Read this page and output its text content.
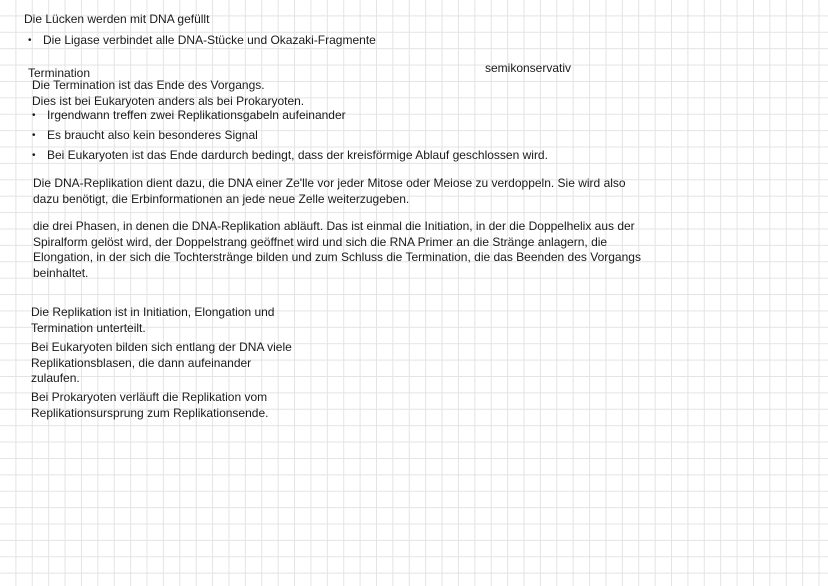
Die Lücken werden mit DNA gefüllt
• Die Ligase verbindet alle DNA-Stücke und Okazaki-Fragmente
semikonservativ
Termination
Die Termination ist das Ende des Vorgangs.
Dies ist bei Eukaryoten anders als bei Prokaryoten.
• Irgendwann treffen zwei Replikationsgabeln aufeinander
• Es braucht also kein besonderes Signal
• Bei Eukaryoten ist das Ende dardurch bedingt, dass der kreisförmige Ablauf geschlossen wird.
Die DNA-Replikation dient dazu, die DNA einer Ze'lle vor jeder Mitose oder Meiose zu verdoppeln. Sie wird also
dazu benötigt, die Erbinformationen an jede neue Zelle weiterzugeben.
die drei Phasen, in denen die DNA-Replikation abläuft. Das ist einmal die Initiation, in der die Doppelhelix aus der
Spiralform gelöst wird, der Doppelstrang geöffnet wird und sich die RNA Primer an die Stränge anlagern, die
Elongation, in der sich die Tochterstränge bilden und zum Schluss die Termination, die das Beenden des Vorgangs
beinhaltet.
Die Replikation ist in Initiation, Elongation und
Termination unterteilt.
Bei Eukaryoten bilden sich entlang der DNA viele
Replikationsblasen, die dann aufeinander
zulaufen.
Bei Prokaryoten verläuft die Replikation vom
Replikationsursprung zum Replikationsende.
